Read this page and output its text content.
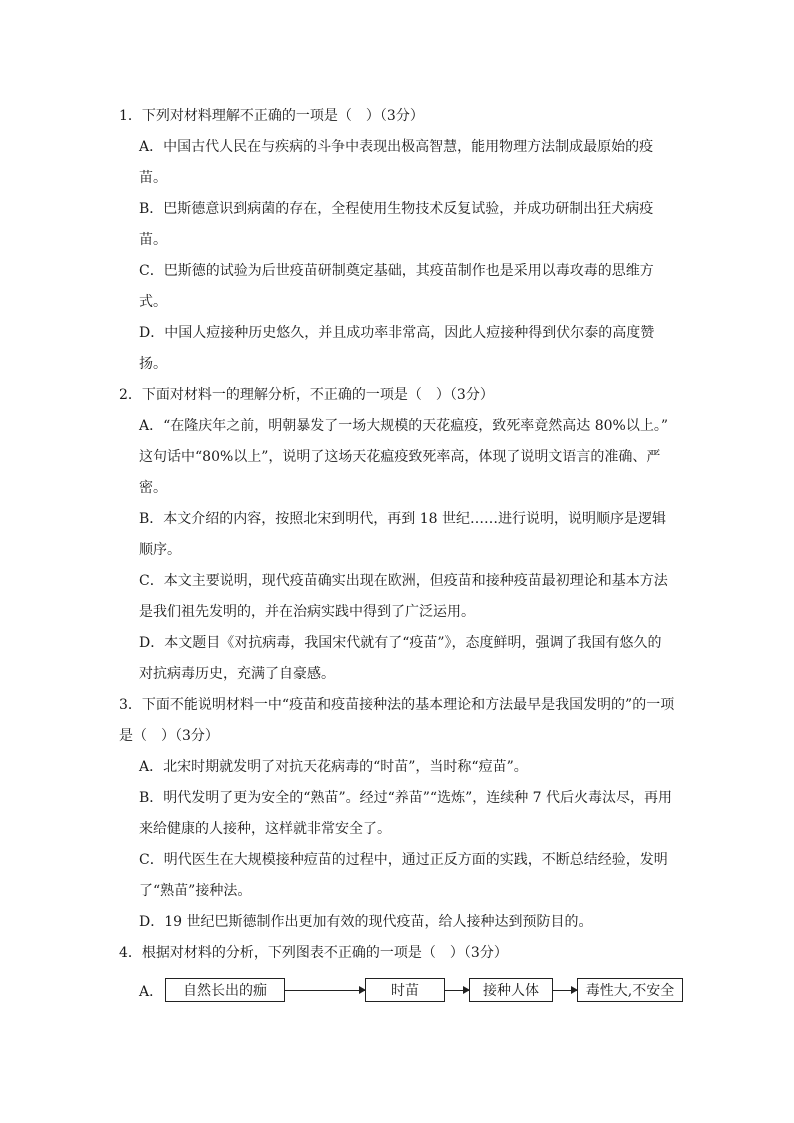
1．下列对材料理解不正确的一项是（　）（3分）
A．中国古代人民在与疾病的斗争中表现出极高智慧，能用物理方法制成最原始的疫
苗。
B．巴斯德意识到病菌的存在，全程使用生物技术反复试验，并成功研制出狂犬病疫
苗。
C．巴斯德的试验为后世疫苗研制奠定基础，其疫苗制作也是采用以毒攻毒的思维方
式。
D．中国人痘接种历史悠久，并且成功率非常高，因此人痘接种得到伏尔泰的高度赞
扬。
2．下面对材料一的理解分析，不正确的一项是（　）（3分）
A．“在隆庆年之前，明朝暴发了一场大规模的天花瘟疫，致死率竟然高达 80%以上。”
这句话中“80%以上”，说明了这场天花瘟疫致死率高，体现了说明文语言的准确、严
密。
B．本文介绍的内容，按照北宋到明代，再到 18 世纪……进行说明，说明顺序是逻辑
顺序。
C．本文主要说明，现代疫苗确实出现在欧洲，但疫苗和接种疫苗最初理论和基本方法
是我们祖先发明的，并在治病实践中得到了广泛运用。
D．本文题目《对抗病毒，我国宋代就有了“疫苗”》，态度鲜明，强调了我国有悠久的
对抗病毒历史，充满了自豪感。
3．下面不能说明材料一中“疫苗和疫苗接种法的基本理论和方法最早是我国发明的”的一项
是（　）（3分）
A．北宋时期就发明了对抗天花病毒的“时苗”，当时称“痘苗”。
B．明代发明了更为安全的“熟苗”。经过“养苗”“选炼”，连续种 7 代后火毒汰尽，再用
来给健康的人接种，这样就非常安全了。
C．明代医生在大规模接种痘苗的过程中，通过正反方面的实践，不断总结经验，发明
了“熟苗”接种法。
D．19 世纪巴斯德制作出更加有效的现代疫苗，给人接种达到预防目的。
4．根据对材料的分析，下列图表不正确的一项是（　）（3分）
A．	自然长出的痂	时苗	接种人体	毒性大,不安全
